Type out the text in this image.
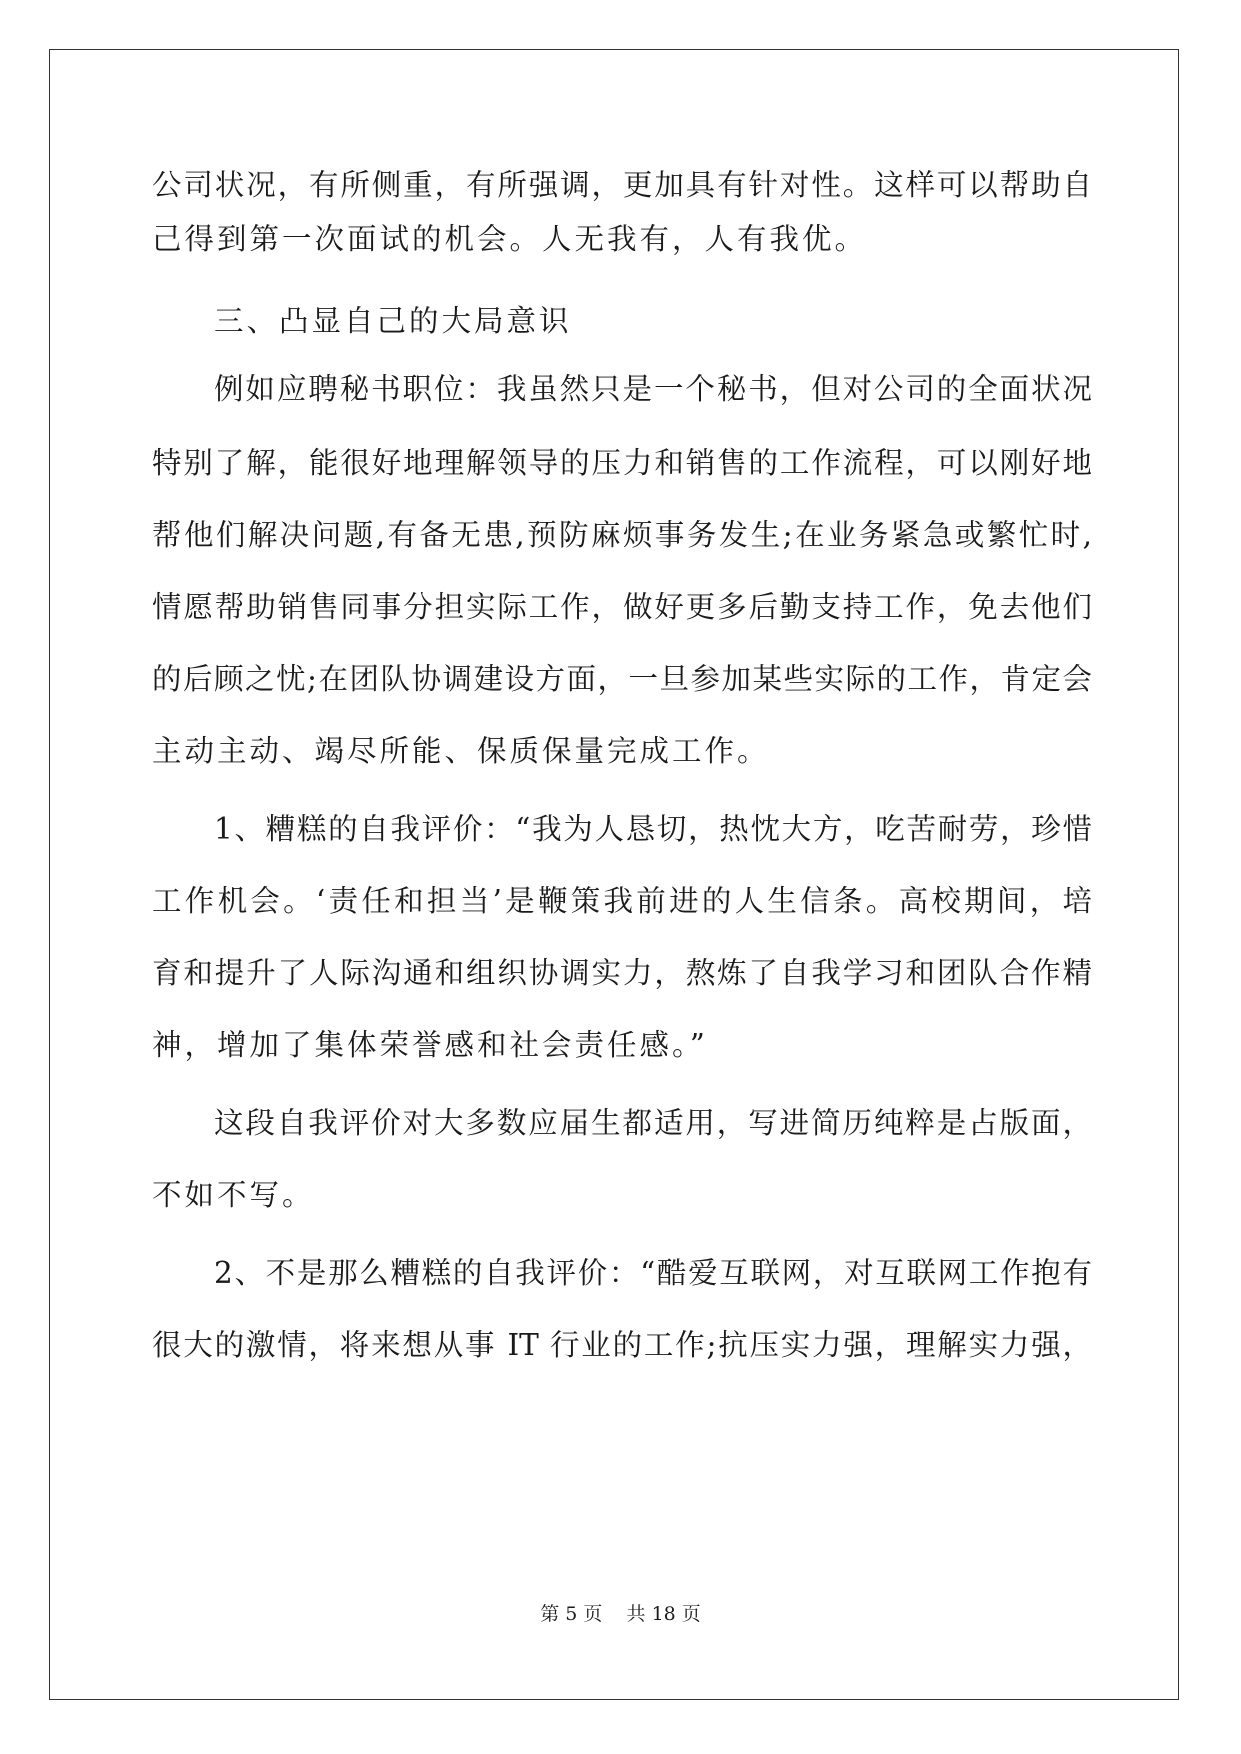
公司状况，有所侧重，有所强调，更加具有针对性。这样可以帮助自
己得到第一次面试的机会。人无我有，人有我优。
三、凸显自己的大局意识
例如应聘秘书职位：我虽然只是一个秘书，但对公司的全面状况
特别了解，能很好地理解领导的压力和销售的工作流程，可以刚好地
帮他们解决问题,有备无患,预防麻烦事务发生;在业务紧急或繁忙时,
情愿帮助销售同事分担实际工作，做好更多后勤支持工作，免去他们
的后顾之忧;在团队协调建设方面，一旦参加某些实际的工作，肯定会
主动主动、竭尽所能、保质保量完成工作。
1、糟糕的自我评价：“我为人恳切，热忱大方，吃苦耐劳，珍惜
工作机会。‘责任和担当’是鞭策我前进的人生信条。高校期间，培
育和提升了人际沟通和组织协调实力，熬炼了自我学习和团队合作精
神，增加了集体荣誉感和社会责任感。”
这段自我评价对大多数应届生都适用，写进简历纯粹是占版面，
不如不写。
2、不是那么糟糕的自我评价：“酷爱互联网，对互联网工作抱有
很大的激情，将来想从事 IT 行业的工作;抗压实力强，理解实力强，
第 5 页    共 18 页
